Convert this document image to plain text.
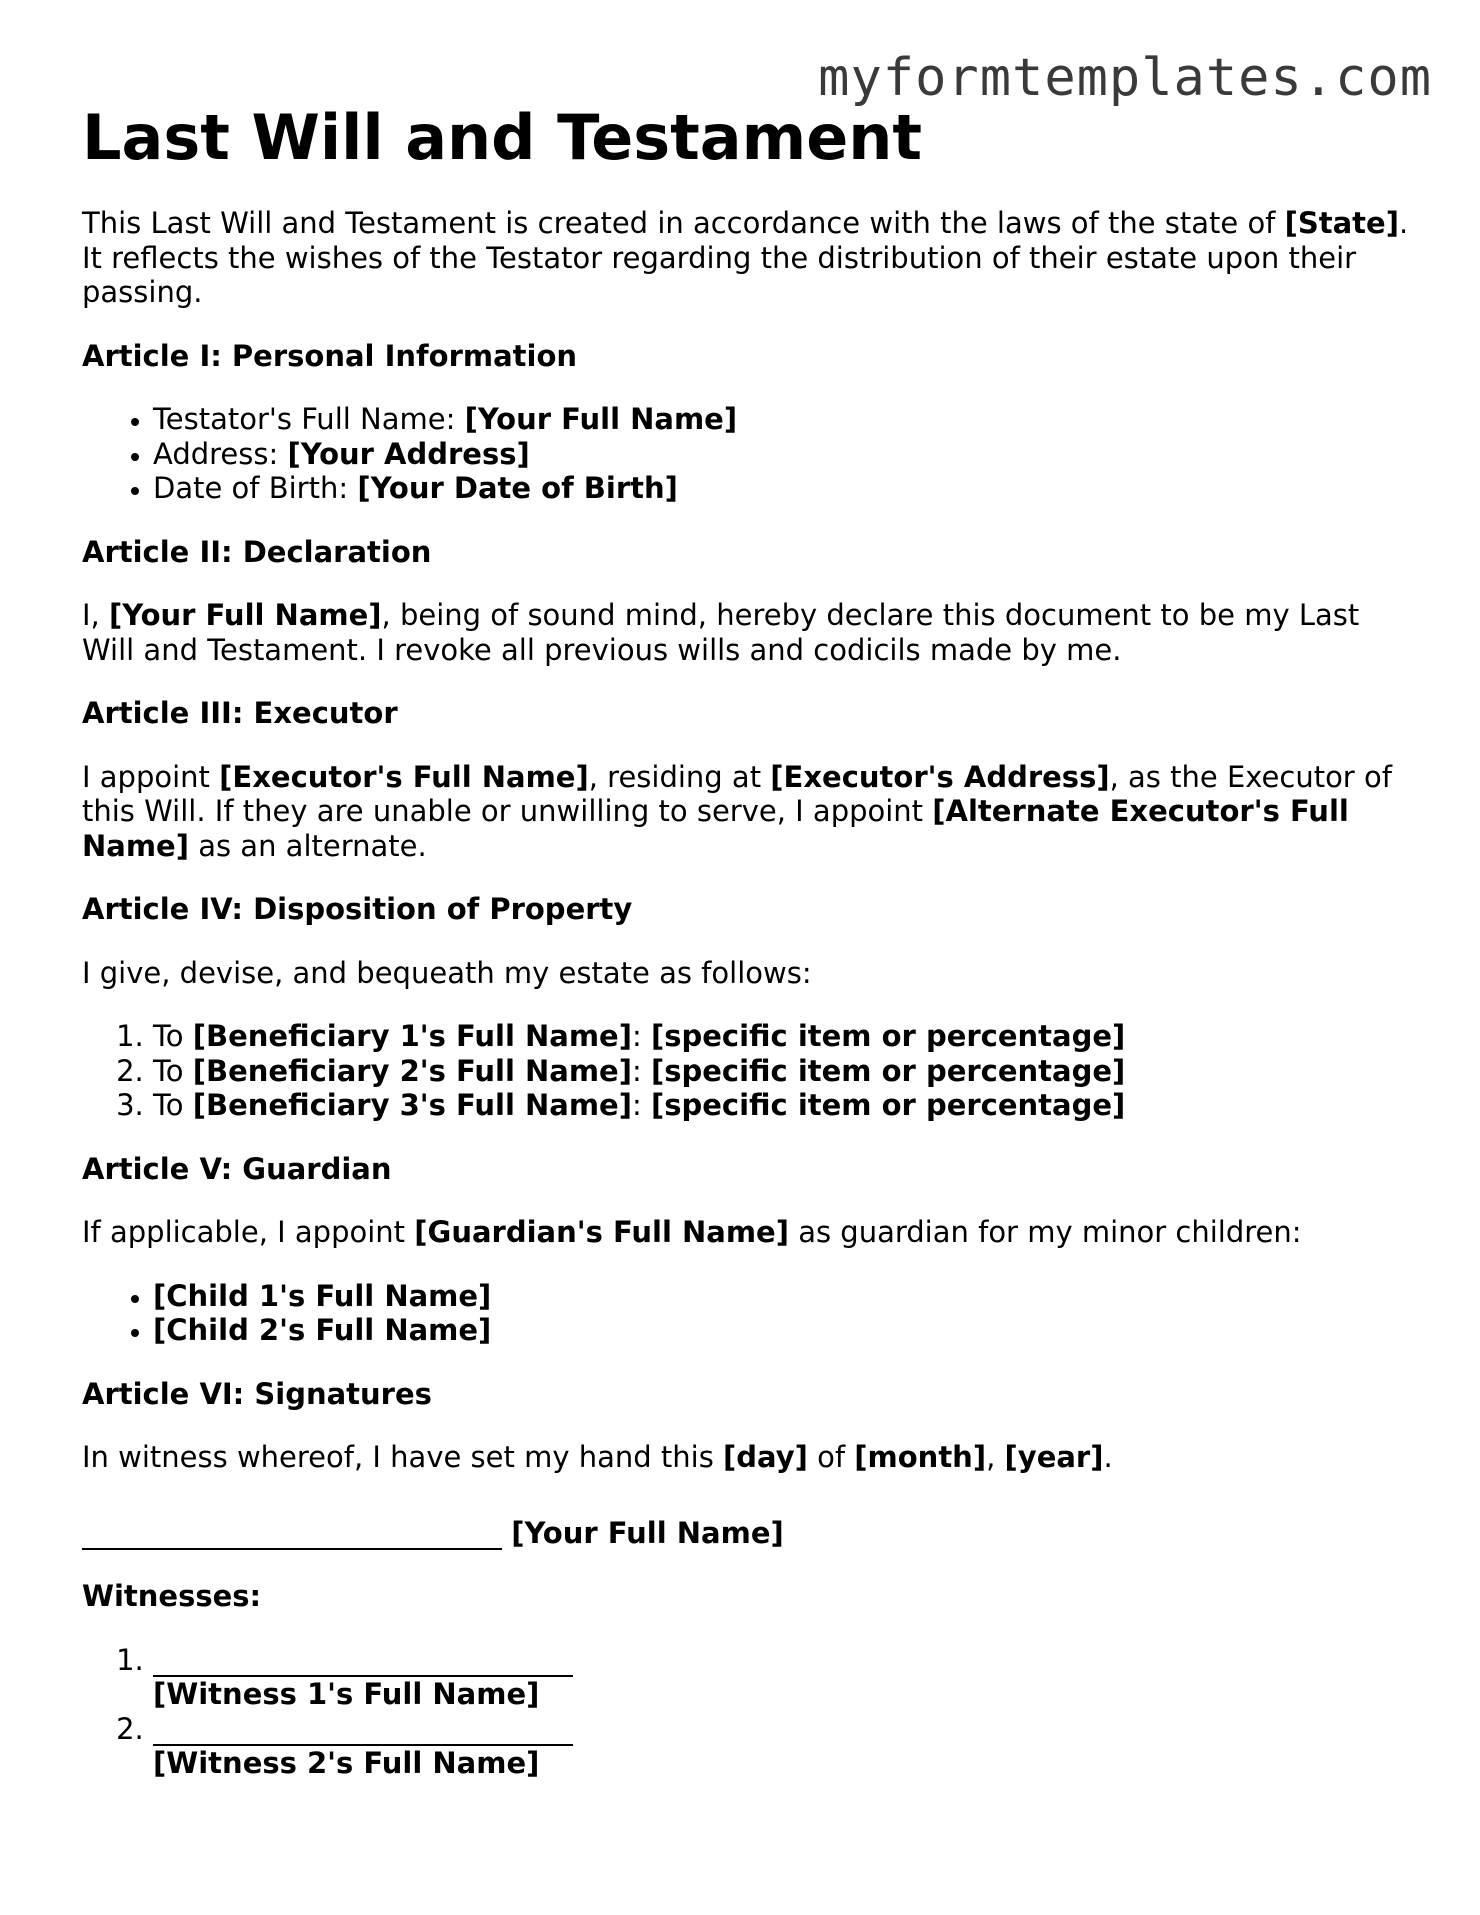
myformtemplates.com
Last Will and Testament

This Last Will and Testament is created in accordance with the laws of the state of [State]. It reflects the wishes of the Testator regarding the distribution of their estate upon their passing.

Article I: Personal Information
• Testator's Full Name: [Your Full Name]
• Address: [Your Address]
• Date of Birth: [Your Date of Birth]
Article II: Declaration

I, [Your Full Name], being of sound mind, hereby declare this document to be my Last Will and Testament. I revoke all previous wills and codicils made by me.

Article III: Executor

I appoint [Executor's Full Name], residing at [Executor's Address], as the Executor of this Will. If they are unable or unwilling to serve, I appoint [Alternate Executor's Full Name] as an alternate.

Article IV: Disposition of Property

I give, devise, and bequeath my estate as follows:

1. To [Beneficiary 1's Full Name]: [specific item or percentage]
2. To [Beneficiary 2's Full Name]: [specific item or percentage]
3. To [Beneficiary 3's Full Name]: [specific item or percentage]
Article V: Guardian

If applicable, I appoint [Guardian's Full Name] as guardian for my minor children:

• [Child 1's Full Name]
• [Child 2's Full Name]
Article VI: Signatures

In witness whereof, I have set my hand this [day] of [month], [year].

[Your Full Name]
Witnesses:

1. [Witness 1's Full Name]

2. [Witness 2's Full Name]
